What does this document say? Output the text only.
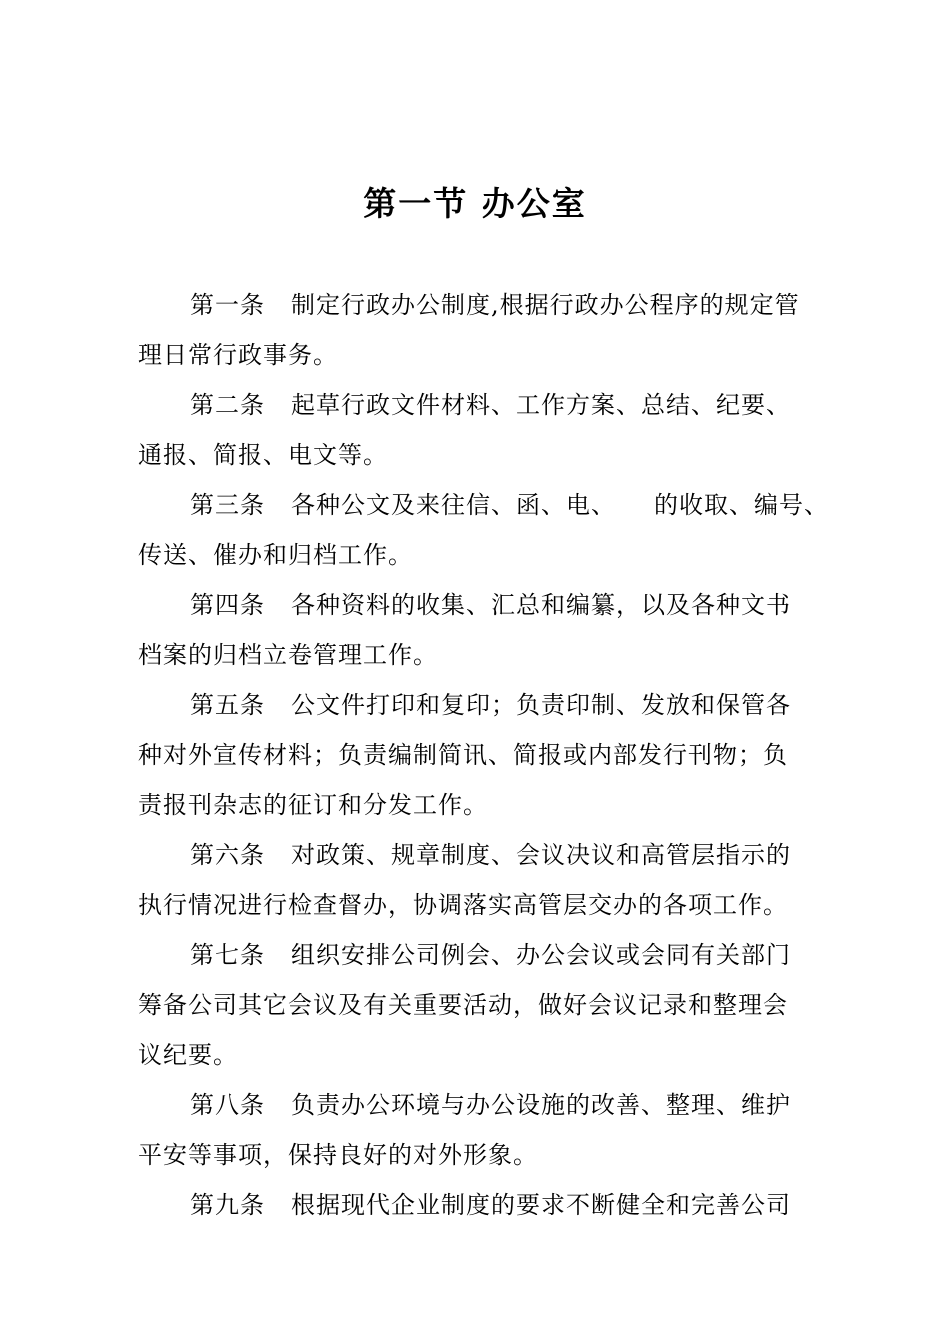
第一节 办公室

第一条 制定行政办公制度,根据行政办公程序的规定管
理日常行政事务。

第二条 起草行政文件材料、工作方案、总结、纪要、
通报、简报、电文等。

第三条 各种公文及来往信、函、电、　　的收取、编号、
传送、催办和归档工作。

第四条 各种资料的收集、汇总和编纂，以及各种文书
档案的归档立卷管理工作。

第五条 公文件打印和复印；负责印制、发放和保管各
种对外宣传材料；负责编制简讯、简报或内部发行刊物；负
责报刊杂志的征订和分发工作。

第六条 对政策、规章制度、会议决议和高管层指示的
执行情况进行检查督办，协调落实高管层交办的各项工作。

第七条 组织安排公司例会、办公会议或会同有关部门
筹备公司其它会议及有关重要活动，做好会议记录和整理会
议纪要。

第八条 负责办公环境与办公设施的改善、整理、维护
平安等事项，保持良好的对外形象。

第九条 根据现代企业制度的要求不断健全和完善公司
